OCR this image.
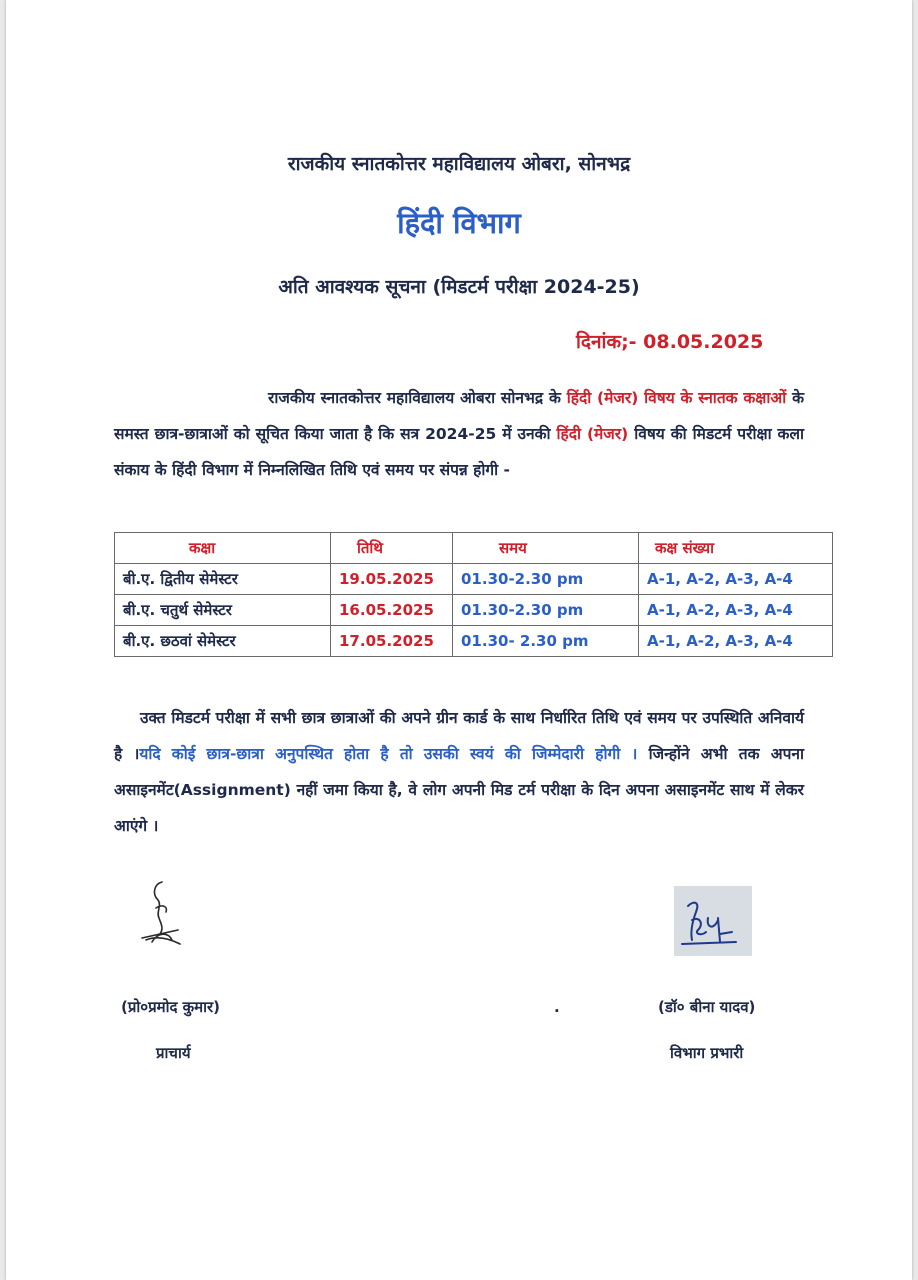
राजकीय स्नातकोत्तर महाविद्यालय ओबरा, सोनभद्र
हिंदी विभाग
अति आवश्यक सूचना (मिडटर्म परीक्षा 2024-25)
दिनांक;- 08.05.2025
राजकीय स्नातकोत्तर महाविद्यालय ओबरा सोनभद्र के हिंदी (मेजर) विषय के स्नातक कक्षाओं के समस्त छात्र-छात्राओं को सूचित किया जाता है कि सत्र 2024-25 में उनकी हिंदी (मेजर) विषय की मिडटर्म परीक्षा कला संकाय के हिंदी विभाग में निम्नलिखित तिथि एवं समय पर संपन्न होगी -
कक्षा	तिथि	समय	कक्ष संख्या
बी.ए. द्वितीय सेमेस्टर	19.05.2025	01.30-2.30 pm	A-1, A-2, A-3, A-4
बी.ए. चतुर्थ सेमेस्टर	16.05.2025	01.30-2.30 pm	A-1, A-2, A-3, A-4
बी.ए. छठवां सेमेस्टर	17.05.2025	01.30- 2.30 pm	A-1, A-2, A-3, A-4
उक्त मिडटर्म परीक्षा में सभी छात्र छात्राओं की अपने ग्रीन कार्ड के साथ निर्धारित तिथि एवं समय पर उपस्थिति अनिवार्य है ।यदि कोई छात्र-छात्रा अनुपस्थित होता है तो उसकी स्वयं की जिम्मेदारी होगी । जिन्होंने अभी तक अपना असाइनमेंट(Assignment) नहीं जमा किया है, वे लोग अपनी मिड टर्म परीक्षा के दिन अपना असाइनमेंट साथ में लेकर आएंगे ।
(प्रो०प्रमोद कुमार)	.	(डॉ० बीना यादव)
प्राचार्य	विभाग प्रभारी
